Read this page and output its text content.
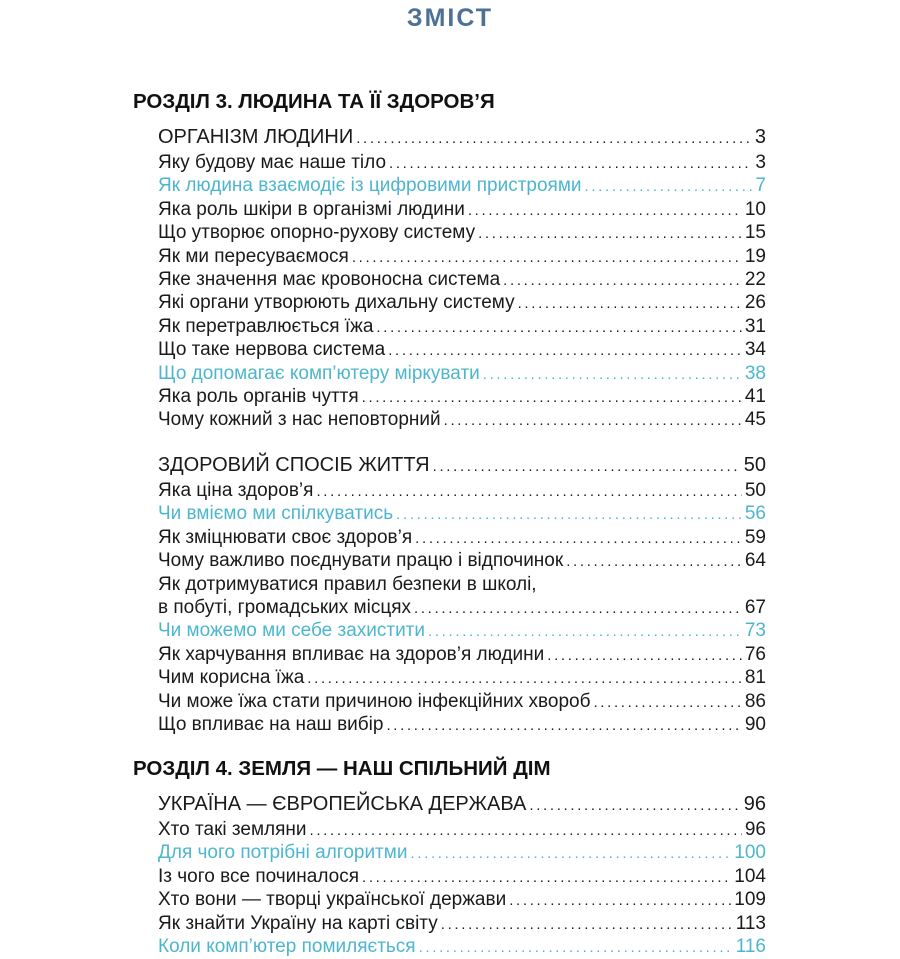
ЗМІСТ
РОЗДІЛ 3. ЛЮДИНА ТА ЇЇ ЗДОРОВ’Я
ОРГАНІЗМ ЛЮДИНИ . . .	3
Яку будову має наше тіло . . .	3
Як людина взаємодіє із цифровими пристроями . . .	7
Яка роль шкіри в організмі людини . . .	10
Що утворює опорно-рухову систему . . .	15
Як ми пересуваємося . . .	19
Яке значення має кровоносна система . . .	22
Які органи утворюють дихальну систему . . .	26
Як перетравлюється їжа . . .	31
Що таке нервова система . . .	34
Що допомагає комп’ютеру міркувати . . .	38
Яка роль органів чуття . . .	41
Чому кожний з нас неповторний . . .	45
ЗДОРОВИЙ СПОСІБ ЖИТТЯ . . .	50
Яка ціна здоров’я . . .	50
Чи вміємо ми спілкуватись . . .	56
Як зміцнювати своє здоров’я . . .	59
Чому важливо поєднувати працю і відпочинок . . .	64
Як дотримуватися правил безпеки в школі,
в побуті, громадських місцях . . .	67
Чи можемо ми себе захистити . . .	73
Як харчування впливає на здоров’я людини . . .	76
Чим корисна їжа . . .	81
Чи може їжа стати причиною інфекційних хвороб . . .	86
Що впливає на наш вибір . . .	90
РОЗДІЛ 4. ЗЕМЛЯ — НАШ СПІЛЬНИЙ ДІМ
УКРАЇНА — ЄВРОПЕЙСЬКА ДЕРЖАВА . . .	96
Хто такі земляни . . .	96
Для чого потрібні алгоритми . . .	100
Із чого все починалося . . .	104
Хто вони — творці української держави . . .	109
Як знайти Україну на карті світу . . .	113
Коли комп’ютер помиляється . . .	116
